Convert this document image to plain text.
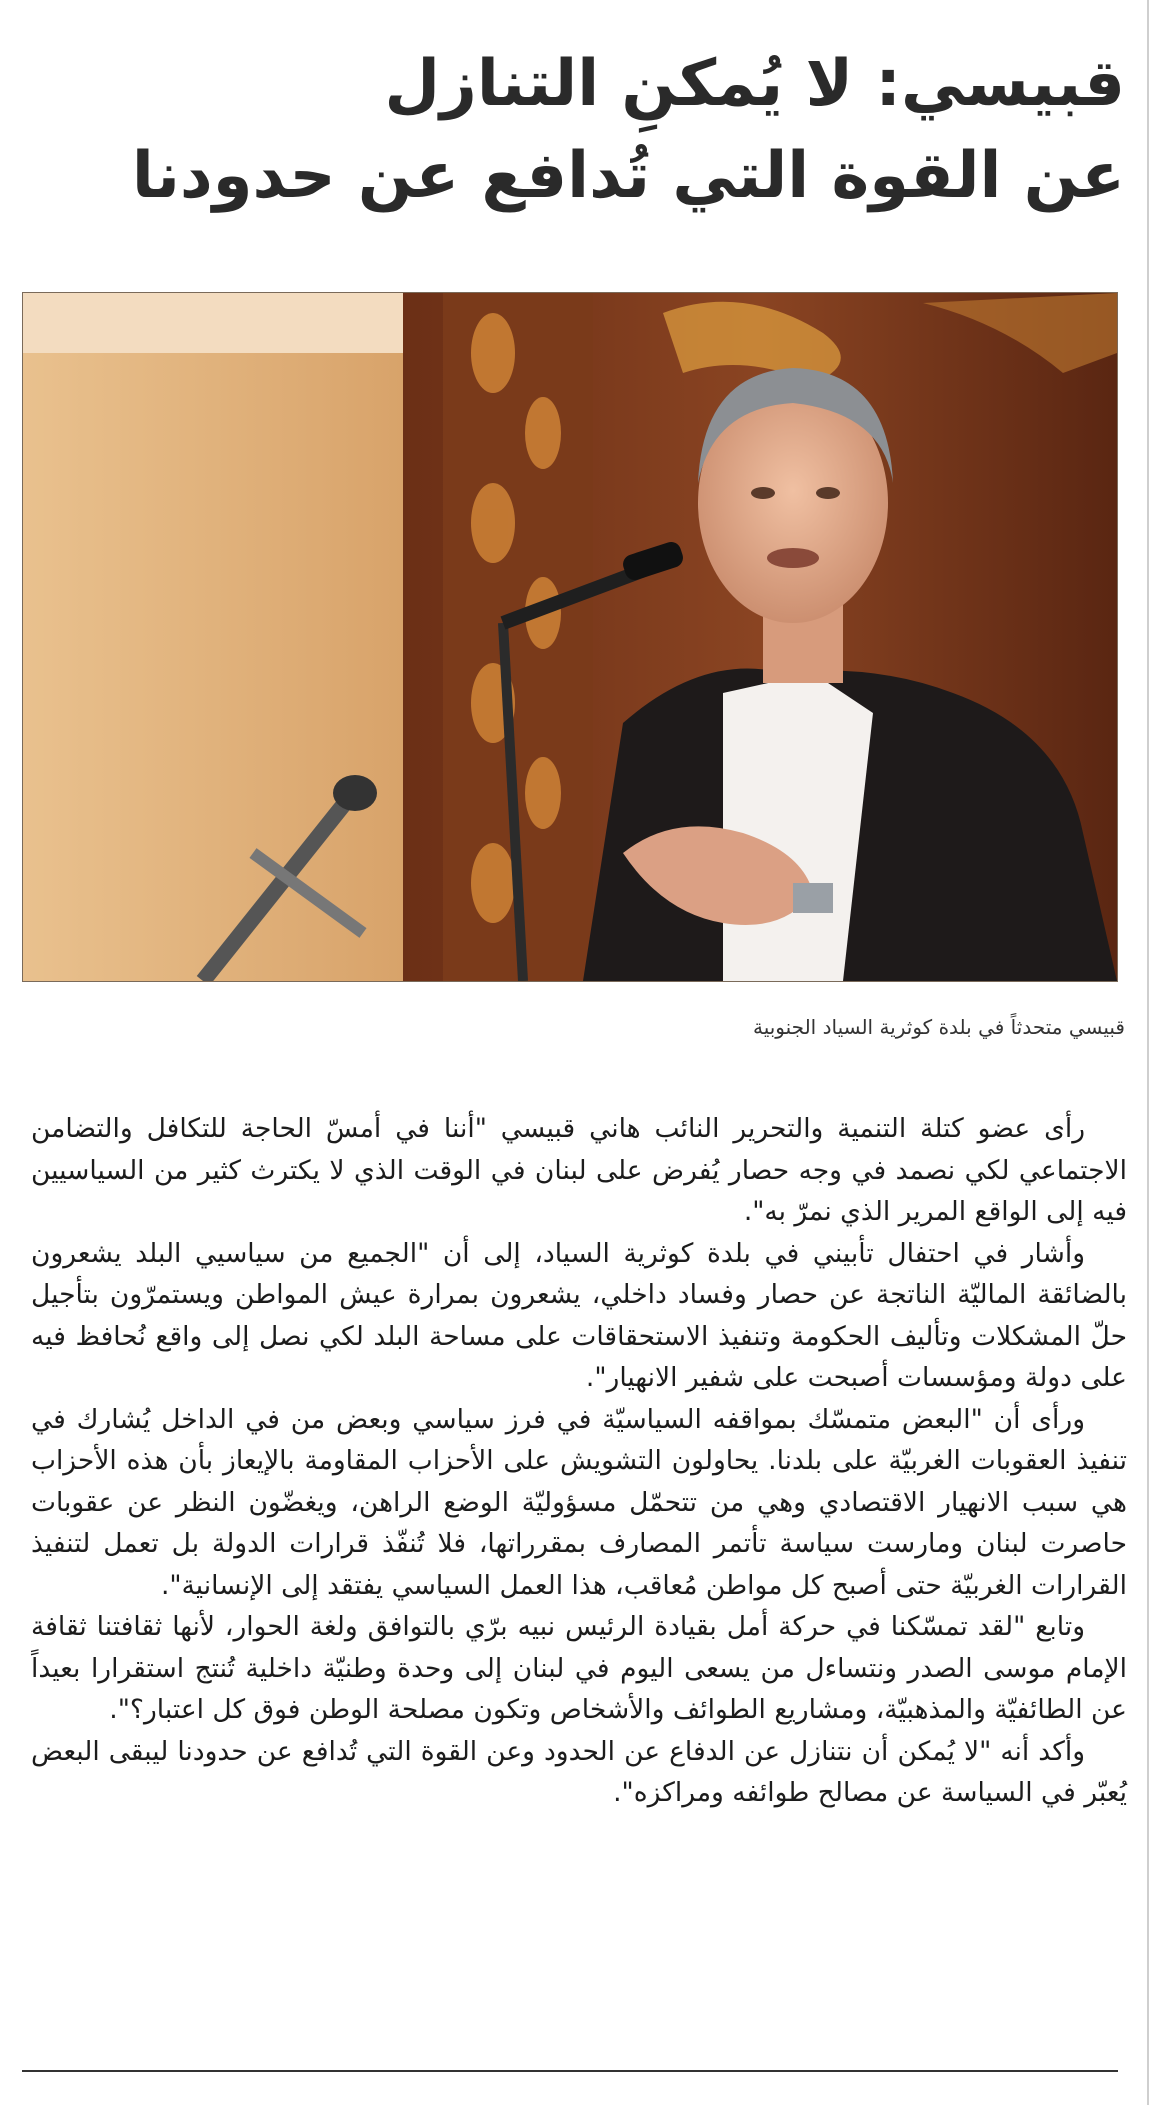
قبيسي: لا يُمكنِ التنازل
عن القوة التي تُدافع عن حدودنا

قبيسي متحدثاً في بلدة كوثرية السياد الجنوبية

رأى عضو كتلة التنمية والتحرير النائب هاني قبيسي "أننا في أمسّ الحاجة للتكافل والتضامن الاجتماعي لكي نصمد في وجه حصار يُفرض على لبنان في الوقت الذي لا يكترث كثير من السياسيين فيه إلى الواقع المرير الذي نمرّ به".

وأشار في احتفال تأبيني في بلدة كوثرية السياد، إلى أن "الجميع من سياسيي البلد يشعرون بالضائقة الماليّة الناتجة عن حصار وفساد داخلي، يشعرون بمرارة عيش المواطن ويستمرّون بتأجيل حلّ المشكلات وتأليف الحكومة وتنفيذ الاستحقاقات على مساحة البلد لكي نصل إلى واقع نُحافظ فيه على دولة ومؤسسات أصبحت على شفير الانهيار".

ورأى أن "البعض متمسّك بمواقفه السياسيّة في فرز سياسي وبعض من في الداخل يُشارك في تنفيذ العقوبات الغربيّة على بلدنا. يحاولون التشويش على الأحزاب المقاومة بالإيعاز بأن هذه الأحزاب هي سبب الانهيار الاقتصادي وهي من تتحمّل مسؤوليّة الوضع الراهن، ويغضّون النظر عن عقوبات حاصرت لبنان ومارست سياسة تأتمر المصارف بمقرراتها، فلا تُنفّذ قرارات الدولة بل تعمل لتنفيذ القرارات الغربيّة حتى أصبح كل مواطن مُعاقب، هذا العمل السياسي يفتقد إلى الإنسانية".

وتابع "لقد تمسّكنا في حركة أمل بقيادة الرئيس نبيه برّي بالتوافق ولغة الحوار، لأنها ثقافتنا ثقافة الإمام موسى الصدر ونتساءل من يسعى اليوم في لبنان إلى وحدة وطنيّة داخلية تُنتج استقرارا بعيداً عن الطائفيّة والمذهبيّة، ومشاريع الطوائف والأشخاص وتكون مصلحة الوطن فوق كل اعتبار؟".

وأكد أنه "لا يُمكن أن نتنازل عن الدفاع عن الحدود وعن القوة التي تُدافع عن حدودنا ليبقى البعض يُعبّر في السياسة عن مصالح طوائفه ومراكزه".
